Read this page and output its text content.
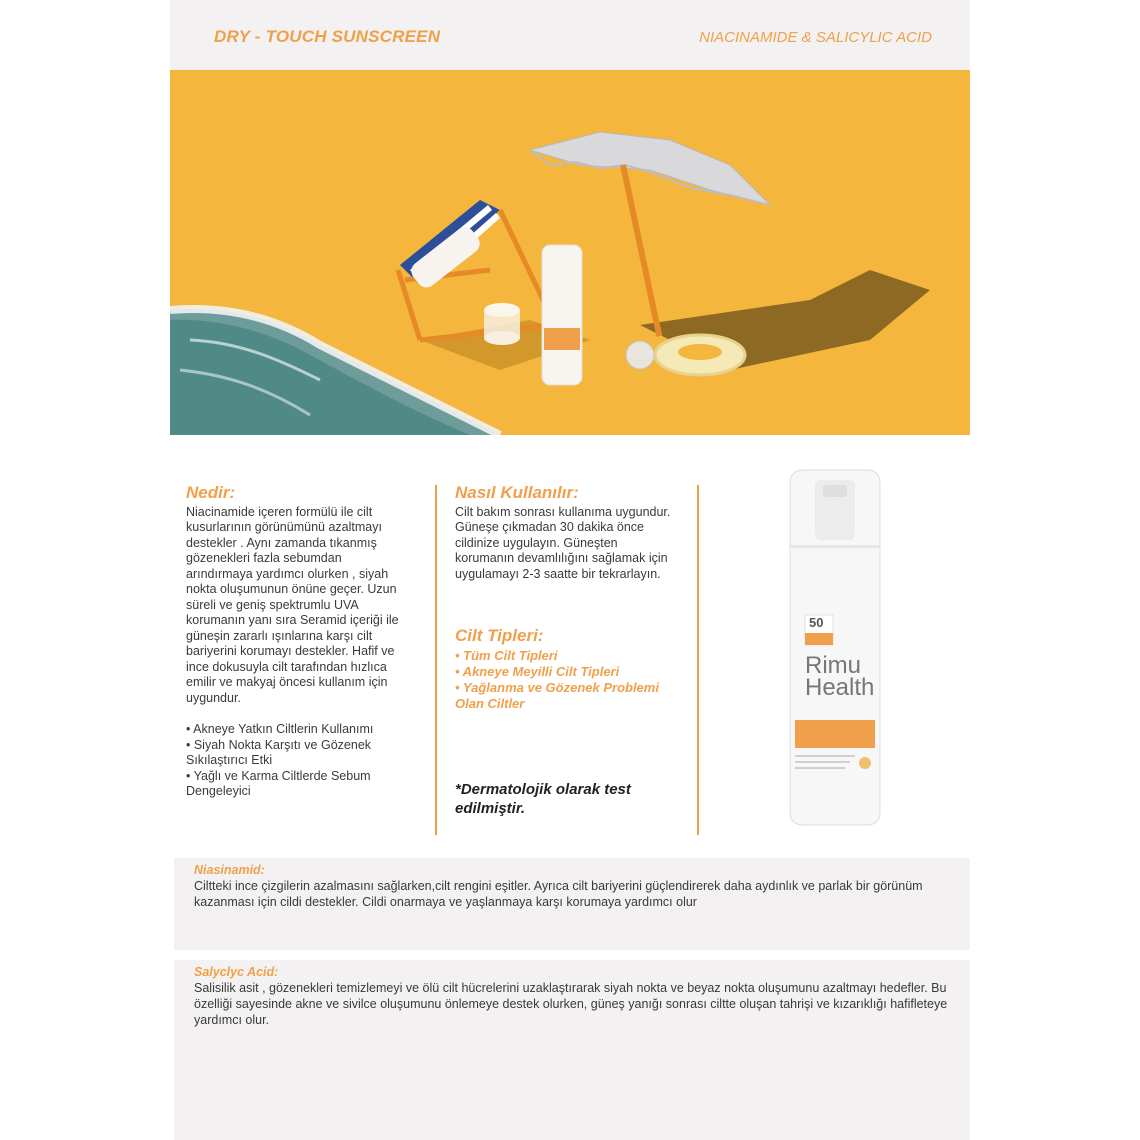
DRY - TOUCH SUNSCREEN	NIACINAMIDE & SALICYLIC ACID
Nedir:
Niacinamide içeren formülü ile cilt kusurlarının görünümünü azaltmayı destekler . Aynı zamanda tıkanmış gözenekleri fazla sebumdan arındırmaya yardımcı olurken , siyah nokta oluşumunun önüne geçer. Uzun süreli ve geniş spektrumlu UVA korumanın yanı sıra Seramid içeriği ile güneşin zararlı ışınlarına karşı cilt bariyerini korumayı destekler. Hafif ve ince dokusuyla cilt tarafından hızlıca emilir ve makyaj öncesi kullanım için uygundur.
• Akneye Yatkın Ciltlerin Kullanımı
• Siyah Nokta Karşıtı ve Gözenek Sıkılaştırıcı Etki
• Yağlı ve Karma Ciltlerde Sebum Dengeleyici
Nasıl Kullanılır:
Cilt bakım sonrası kullanıma uygundur. Güneşe çıkmadan 30 dakika önce cildinize uygulayın. Güneşten korumanın devamlılığını sağlamak için uygulamayı 2-3 saatte bir tekrarlayın.
Cilt Tipleri:
• Tüm Cilt Tipleri
• Akneye Meyilli Cilt Tipleri
• Yağlanma ve Gözenek Problemi Olan Ciltler
*Dermatolojik olarak test edilmiştir.
50
Rimu
Health
Niasinamid:
Ciltteki ince çizgilerin azalmasını sağlarken,cilt rengini eşitler. Ayrıca cilt bariyerini güçlendirerek daha aydınlık ve parlak bir görünüm kazanması için cildi destekler. Cildi onarmaya ve yaşlanmaya karşı korumaya yardımcı olur
Salyclyc Acid:
Salisilik asit , gözenekleri temizlemeyi ve ölü cilt hücrelerini uzaklaştırarak siyah nokta ve beyaz nokta oluşumunu azaltmayı hedefler. Bu özelliği sayesinde akne ve sivilce oluşumunu önlemeye destek olurken, güneş yanığı sonrası ciltte oluşan tahrişi ve kızarıklığı hafifleteye yardımcı olur.
